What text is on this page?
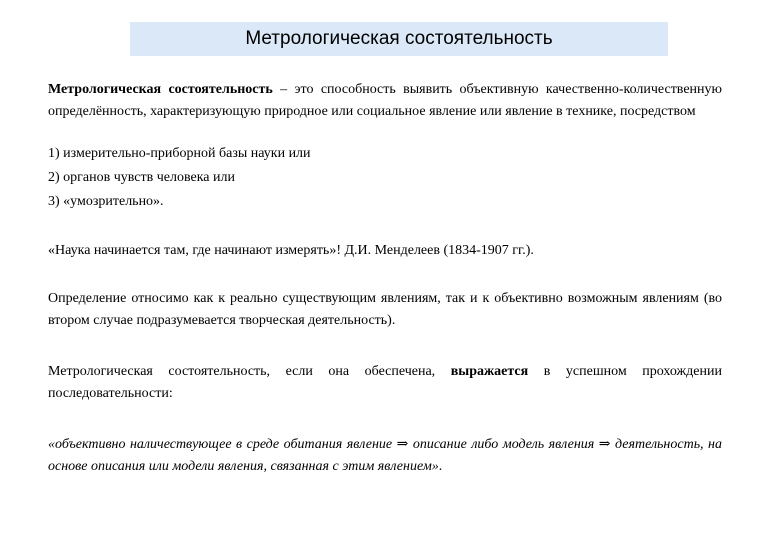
Метрологическая состоятельность

Метрологическая состоятельность – это способность выявить объективную качественно-количественную определённость, характеризующую природное или социальное явление или явление в технике, посредством

1) измерительно-приборной базы науки или

2) органов чувств человека или

3) «умозрительно».

«Наука начинается там, где начинают измерять»! Д.И. Менделеев (1834-1907 гг.).

Определение относимо как к реально существующим явлениям, так и к объективно возможным явлениям (во втором случае подразумевается творческая деятельность).

Метрологическая состоятельность, если она обеспечена, выражается в успешном прохождении последовательности:

«объективно наличествующее в среде обитания явление ⇒ описание либо модель явления ⇒ деятельность, на основе описания или модели явления, связанная с этим явлением».
